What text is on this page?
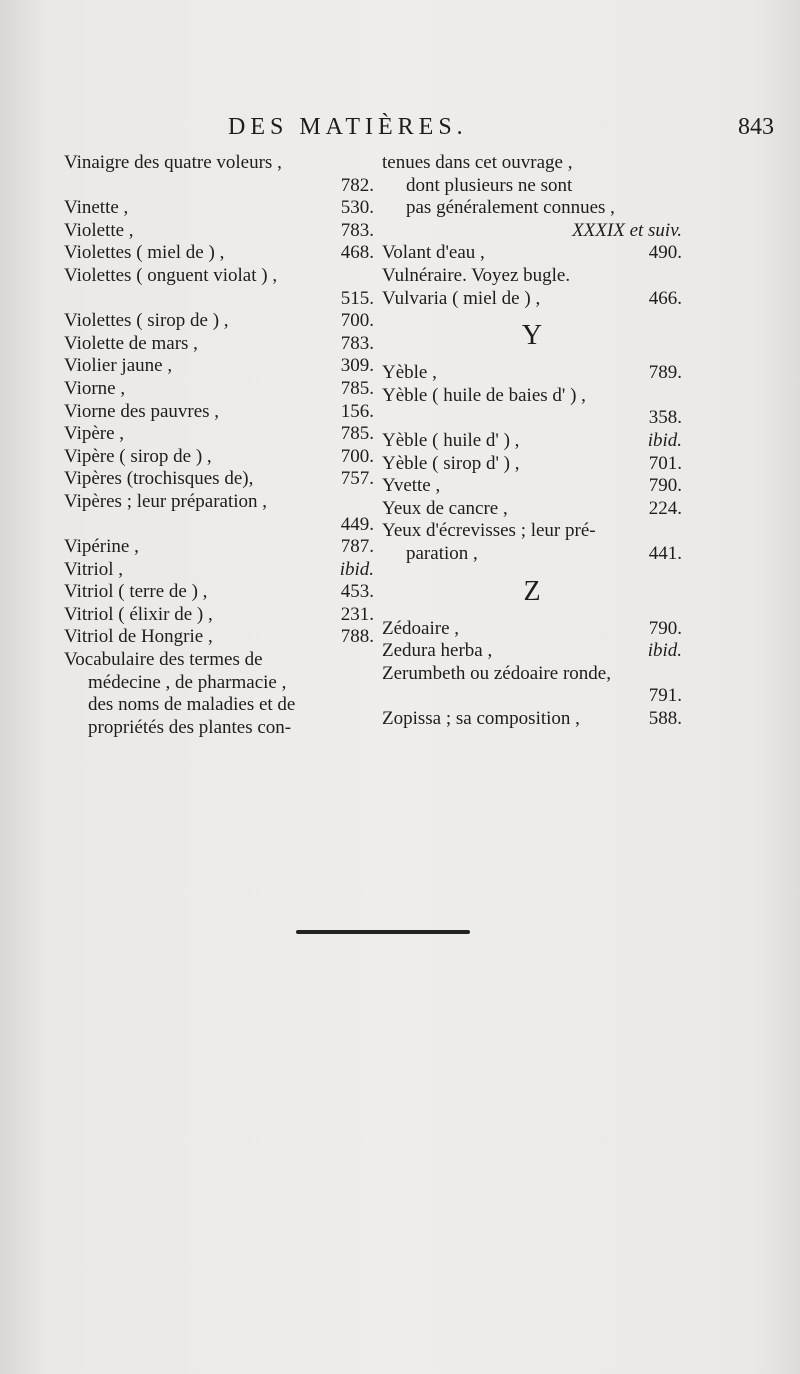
DES MATIÈRES.	843
Vinaigre des quatre voleurs ,
782.
Vinette ,	530.
Violette ,	783.
Violettes ( miel de ) ,	468.
Violettes ( onguent violat ) ,
515.
Violettes ( sirop de ) ,	700.
Violette de mars ,	783.
Violier jaune ,	309.
Viorne ,	785.
Viorne des pauvres ,	156.
Vipère ,	785.
Vipère ( sirop de ) ,	700.
Vipères (trochisques de),	757.
Vipères ; leur préparation ,
449.
Vipérine ,	787.
Vitriol ,	ibid.
Vitriol ( terre de ) ,	453.
Vitriol ( élixir de ) ,	231.
Vitriol de Hongrie ,	788.
Vocabulaire des termes de
médecine , de pharmacie ,
des noms de maladies et de
propriétés des plantes con-
tenues dans cet ouvrage ,
dont plusieurs ne sont
pas généralement connues ,
XXXIX et suiv.
Volant d'eau ,	490.
Vulnéraire. Voyez bugle.
Vulvaria ( miel de ) ,	466.
Y
Yèble ,	789.
Yèble ( huile de baies d' ) ,
358.
Yèble ( huile d' ) ,	ibid.
Yèble ( sirop d' ) ,	701.
Yvette ,	790.
Yeux de cancre ,	224.
Yeux d'écrevisses ; leur pré-
paration ,	441.
Z
Zédoaire ,	790.
Zedura herba ,	ibid.
Zerumbeth ou zédoaire ronde,
791.
Zopissa ; sa composition ,	588.
